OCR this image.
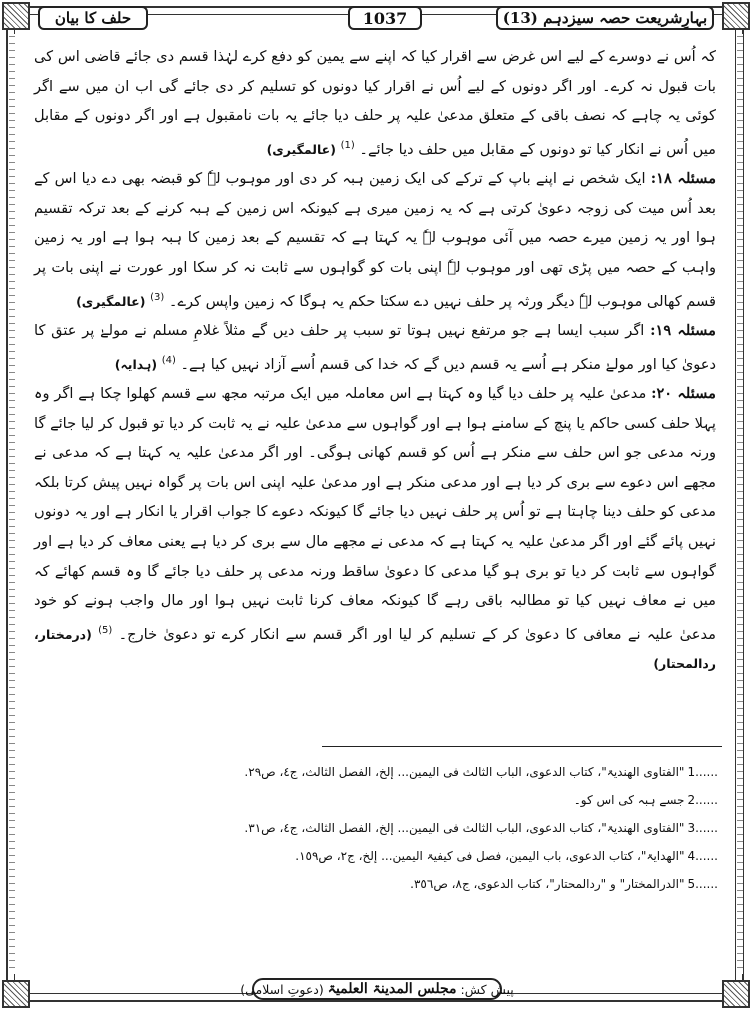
بہارِشریعت حصہ سیزدہم (13)
1037
حلف کا بیان

کہ اُس نے دوسرے کے لیے اس غرض سے اقرار کیا کہ اپنے سے یمین کو دفع کرے لہٰذا قسم دی جائے قاضی اس کی بات قبول نہ کرے۔ اور اگر دونوں کے لیے اُس نے اقرار کیا دونوں کو تسلیم کر دی جائے گی اب ان میں سے اگر کوئی یہ چاہے کہ نصف باقی کے متعلق مدعیٰ علیہ پر حلف دیا جائے یہ بات نامقبول ہے اور اگر دونوں کے مقابل میں اُس نے انکار کیا تو دونوں کے مقابل میں حلف دیا جائے۔ $^{(1)}$ (عالمگیری)

مسئلہ ۱۸: ایک شخص نے اپنے باپ کے ترکے کی ایک زمین ہبہ کر دی اور موہوب لہٗ کو قبضہ بھی دے دیا اس کے بعد اُس میت کی زوجہ دعویٰ کرتی ہے کہ یہ زمین میری ہے کیونکہ اس زمین کے ہبہ کرنے کے بعد ترکہ تقسیم ہوا اور یہ زمین میرے حصہ میں آئی موہوب لہٗ یہ کہتا ہے کہ تقسیم کے بعد زمین کا ہبہ ہوا ہے اور یہ زمین واہب کے حصہ میں پڑی تھی اور موہوب لہٗ اپنی بات کو گواہوں سے ثابت نہ کر سکا اور عورت نے اپنی بات پر قسم کھالی موہوب لہٗ دیگر ورثہ پر حلف نہیں دے سکتا حکم یہ ہوگا کہ زمین واپس کرے۔ $^{(3)}$ (عالمگیری)

مسئلہ ۱۹: اگر سبب ایسا ہے جو مرتفع نہیں ہوتا تو سبب پر حلف دیں گے مثلاً غلامِ مسلم نے مولےٰ پر عتق کا دعویٰ کیا اور مولےٰ منکر ہے اُسے یہ قسم دیں گے کہ خدا کی قسم اُسے آزاد نہیں کیا ہے۔ $^{(4)}$ (ہدایہ)

مسئلہ ۲۰: مدعیٰ علیہ پر حلف دیا گیا وہ کہتا ہے اس معاملہ میں ایک مرتبہ مجھ سے قسم کھلوا چکا ہے اگر وہ پہلا حلف کسی حاکم یا پنچ کے سامنے ہوا ہے اور گواہوں سے مدعیٰ علیہ نے یہ ثابت کر دیا تو قبول کر لیا جائے گا ورنہ مدعی جو اس حلف سے منکر ہے اُس کو قسم کھانی ہوگی۔ اور اگر مدعیٰ علیہ یہ کہتا ہے کہ مدعی نے مجھے اس دعوے سے بری کر دیا ہے اور مدعی منکر ہے اور مدعیٰ علیہ اپنی اس بات پر گواہ نہیں پیش کرتا بلکہ مدعی کو حلف دینا چاہتا ہے تو اُس پر حلف نہیں دیا جائے گا کیونکہ دعوے کا جواب اقرار یا انکار ہے اور یہ دونوں نہیں پائے گئے اور اگر مدعیٰ علیہ یہ کہتا ہے کہ مدعی نے مجھے مال سے بری کر دیا ہے یعنی معاف کر دیا ہے اور گواہوں سے ثابت کر دیا تو بری ہو گیا مدعی کا دعویٰ ساقط ورنہ مدعی پر حلف دیا جائے گا وہ قسم کھائے کہ میں نے معاف نہیں کیا تو مطالبہ باقی رہے گا کیونکہ معاف کرنا ثابت نہیں ہوا اور مال واجب ہونے کو خود مدعیٰ علیہ نے معافی کا دعویٰ کر کے تسلیم کر لیا اور اگر قسم سے انکار کرے تو دعویٰ خارج۔ $^{(5)}$ (درمختار، ردالمحتار)

1......"الفتاوی الھندیۃ"، کتاب الدعوی، الباب الثالث فی الیمین... إلخ، الفصل الثالث، ج٤، ص٢٩.
2......جسے ہبہ کی اس کو۔
3......"الفتاوی الھندیۃ"، کتاب الدعوی، الباب الثالث فی الیمین... إلخ، الفصل الثالث، ج٤، ص٣١.
4......"الھدایۃ"، کتاب الدعوی، باب الیمین، فصل فی کیفیۃ الیمین... إلخ، ج٢، ص١٥٩.
5......"الدرالمختار" و "ردالمحتار"، کتاب الدعوی، ج٨، ص٣٥٦.
پیش کش:
مجلس المدینۃ العلمیۃ
(دعوتِ اسلامی)
